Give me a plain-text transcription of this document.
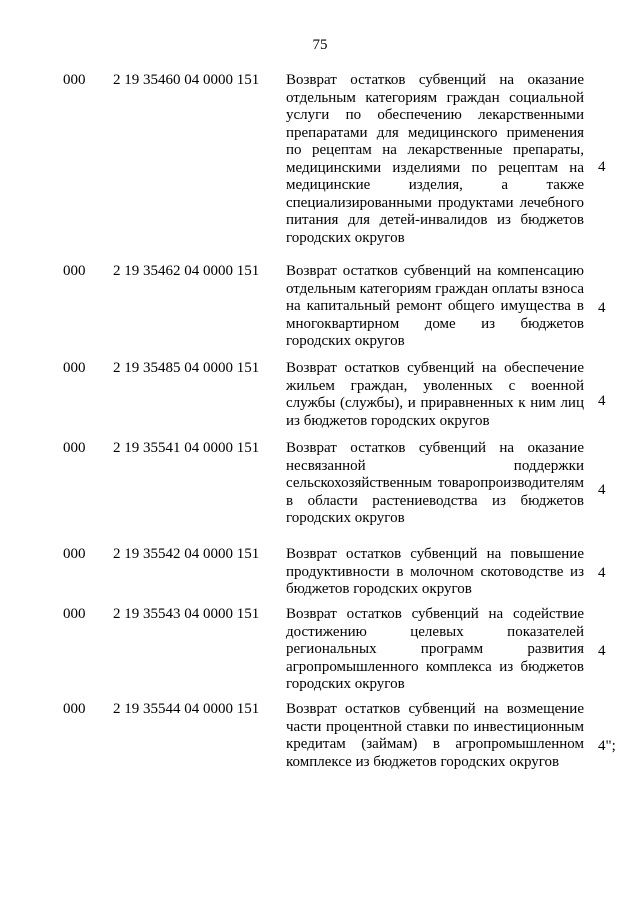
75
000 2 19 35460 04 0000 151 Возврат остатков субвенций на оказание отдельным категориям граждан социальной услуги по обеспечению лекарственными препаратами для медицинского применения по рецептам на лекарственные препараты, медицинскими изделиями по рецептам на медицинские изделия, а также специализированными продуктами лечебного питания для детей-инвалидов из бюджетов городских округов
4
000 2 19 35462 04 0000 151 Возврат остатков субвенций на компенсацию отдельным категориям граждан оплаты взноса на капитальный ремонт общего имущества в многоквартирном доме из бюджетов городских округов
4
000 2 19 35485 04 0000 151 Возврат остатков субвенций на обеспечение жильем граждан, уволенных с военной службы (службы), и приравненных к ним лиц из бюджетов городских округов
4
000 2 19 35541 04 0000 151 Возврат остатков субвенций на оказание несвязанной поддержки сельскохозяйственным товаропроизводителям в области растениеводства из бюджетов городских округов
4
000 2 19 35542 04 0000 151 Возврат остатков субвенций на повышение продуктивности в молочном скотоводстве из бюджетов городских округов
4
000 2 19 35543 04 0000 151 Возврат остатков субвенций на содействие достижению целевых показателей региональных программ развития агропромышленного комплекса из бюджетов городских округов
4
000 2 19 35544 04 0000 151 Возврат остатков субвенций на возмещение части процентной ставки по инвестиционным кредитам (займам) в агропромышленном комплексе из бюджетов городских округов
4";
